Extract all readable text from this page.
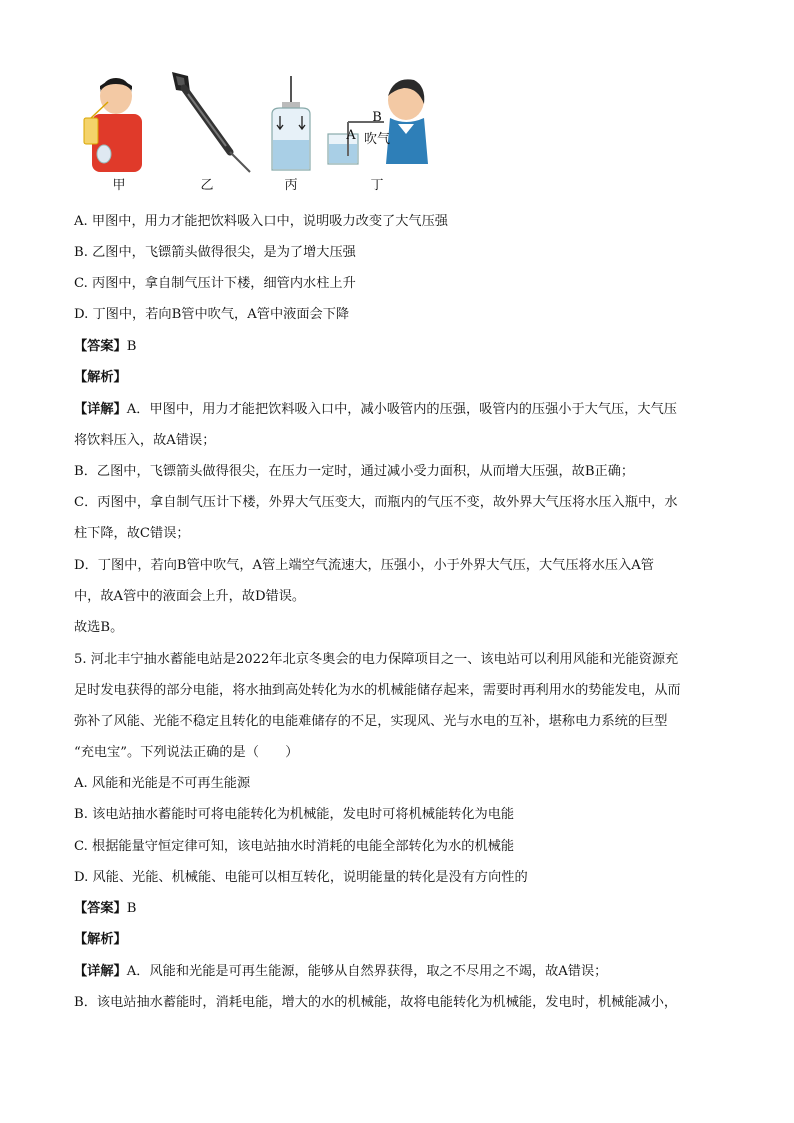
甲	乙	丙
B
A 吹气
丁
A. 甲图中，用力才能把饮料吸入口中，说明吸力改变了大气压强
B. 乙图中，飞镖箭头做得很尖，是为了增大压强
C. 丙图中，拿自制气压计下楼，细管内水柱上升
D. 丁图中，若向B管中吹气，A管中液面会下降
【答案】B
【解析】
【详解】A．甲图中，用力才能把饮料吸入口中，减小吸管内的压强，吸管内的压强小于大气压，大气压
将饮料压入，故A错误；
B．乙图中，飞镖箭头做得很尖，在压力一定时，通过减小受力面积，从而增大压强，故B正确；
C．丙图中，拿自制气压计下楼，外界大气压变大，而瓶内的气压不变，故外界大气压将水压入瓶中，水
柱下降，故C错误；
D．丁图中，若向B管中吹气，A管上端空气流速大，压强小，小于外界大气压，大气压将水压入A管
中，故A管中的液面会上升，故D错误。
故选B。
5. 河北丰宁抽水蓄能电站是2022年北京冬奥会的电力保障项目之一、该电站可以利用风能和光能资源充
足时发电获得的部分电能，将水抽到高处转化为水的机械能储存起来，需要时再利用水的势能发电，从而
弥补了风能、光能不稳定且转化的电能难储存的不足，实现风、光与水电的互补，堪称电力系统的巨型
“充电宝”。下列说法正确的是（　　）
A. 风能和光能是不可再生能源
B. 该电站抽水蓄能时可将电能转化为机械能，发电时可将机械能转化为电能
C. 根据能量守恒定律可知，该电站抽水时消耗的电能全部转化为水的机械能
D. 风能、光能、机械能、电能可以相互转化，说明能量的转化是没有方向性的
【答案】B
【解析】
【详解】A．风能和光能是可再生能源，能够从自然界获得，取之不尽用之不竭，故A错误；
B．该电站抽水蓄能时，消耗电能，增大的水的机械能，故将电能转化为机械能，发电时，机械能减小，
